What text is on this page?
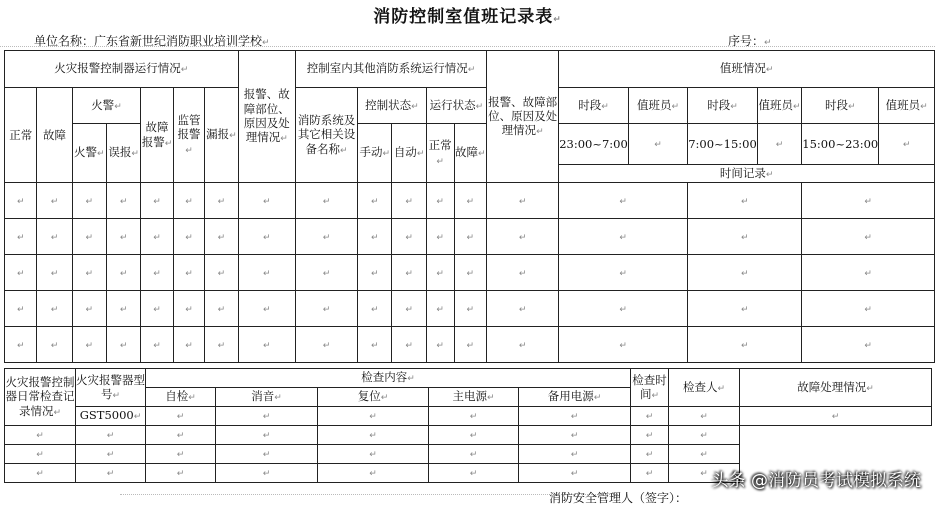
消防控制室值班记录表↵
单位名称：广东省新世纪消防职业培训学校↵	序号：↵
火灾报警控制器运行情况↵							报警、故障部位、原因及处理情况↵	控制室内其他消防系统运行情况↵					报警、故障部位、原因及处理情况↵	值班情况↵					
正常	故障	火警↵		故障报警↵	监管报警↵	漏报↵		消防系统及其它相关设备名称↵	控制状态↵		运行状态↵			时段↵	值班员↵	时段↵	值班员↵	时段↵	值班员↵
		火警↵	误报↵						手动↵	自动↵	正常↵	故障↵		23:00~7:00	↵	7:00~15:00	↵	15:00~23:00	↵
														时间记录↵					
↵	↵	↵	↵	↵	↵	↵	↵	↵	↵	↵	↵	↵	↵	↵		↵		↵	
↵	↵	↵	↵	↵	↵	↵	↵	↵	↵	↵	↵	↵	↵	↵		↵		↵	
↵	↵	↵	↵	↵	↵	↵	↵	↵	↵	↵	↵	↵	↵	↵		↵		↵	
↵	↵	↵	↵	↵	↵	↵	↵	↵	↵	↵	↵	↵	↵	↵		↵		↵	
↵	↵	↵	↵	↵	↵	↵	↵	↵	↵	↵	↵	↵	↵	↵		↵		↵	
火灾报警控制器日常检查记录情况↵	火灾报警器型号↵	检查内容↵					检查时间↵	检查人↵	故障处理情况↵
		自检↵	消音↵	复位↵	主电源↵	备用电源↵			
	GST5000↵	↵	↵	↵	↵	↵	↵	↵	↵
↵	↵	↵	↵	↵	↵	↵	↵	↵	
↵	↵	↵	↵	↵	↵	↵	↵	↵	
↵	↵	↵	↵	↵	↵	↵	↵	↵	
消防安全管理人（签字）：
头条 @消防员考试模拟系统
